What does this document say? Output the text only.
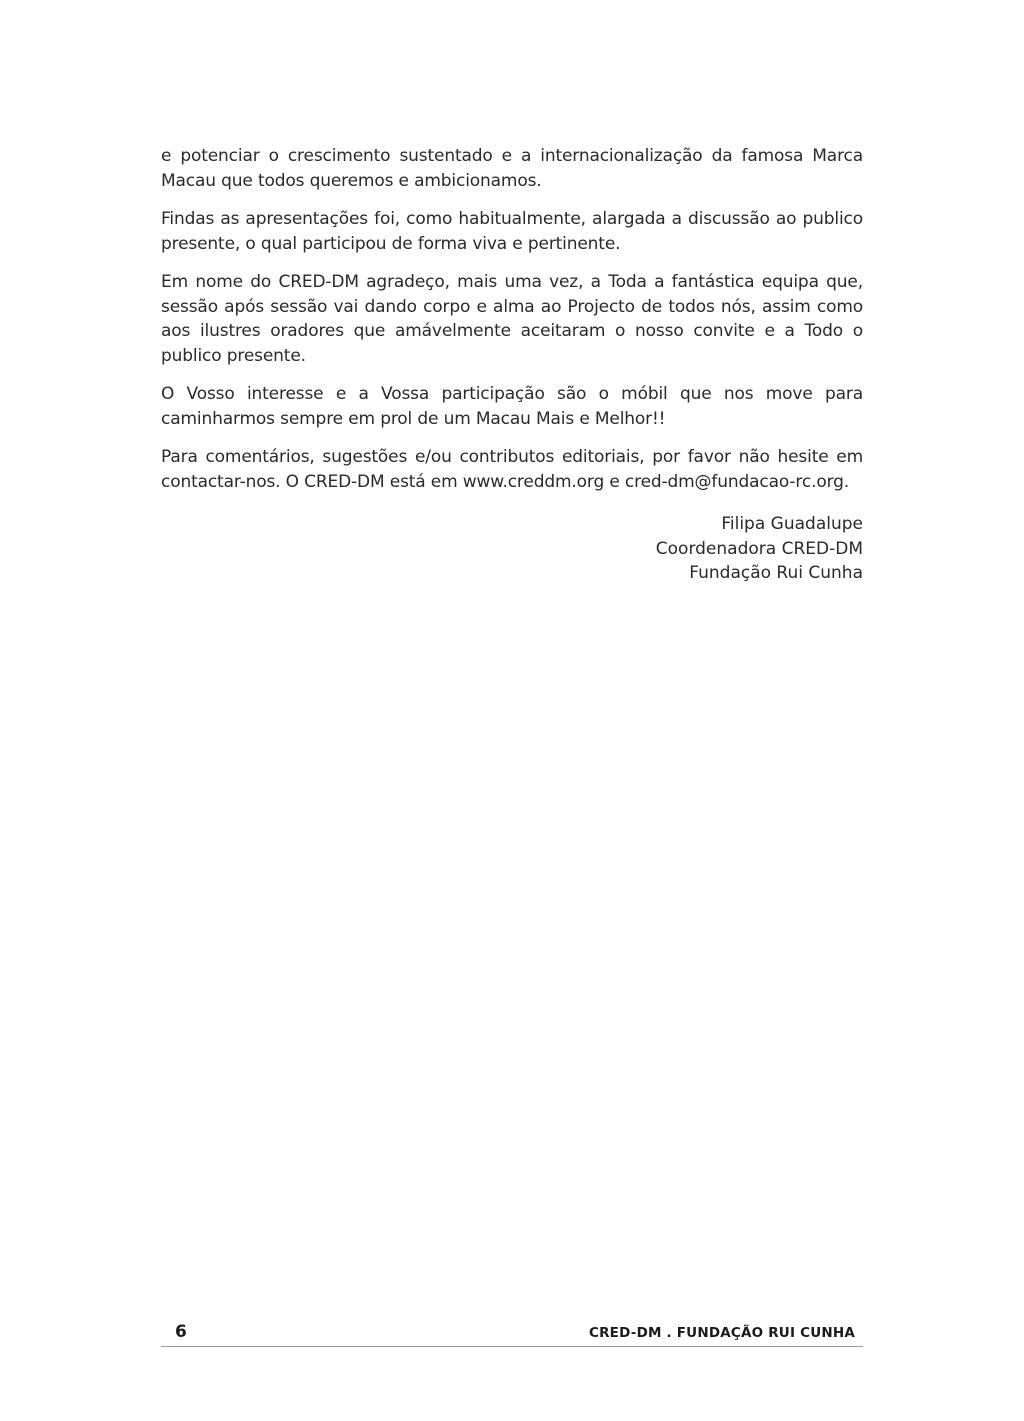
e potenciar o crescimento sustentado e a internacionalização da famosa Marca Macau que todos queremos e ambicionamos.

Findas as apresentações foi, como habitualmente, alargada a discussão ao publico presente, o qual participou de forma viva e pertinente.

Em nome do CRED-DM agradeço, mais uma vez, a Toda a fantástica equipa que, sessão após sessão vai dando corpo e alma ao Projecto de todos nós, assim como aos ilustres oradores que amávelmente aceitaram o nosso convite e a Todo o publico presente.

O Vosso interesse e a Vossa participação são o móbil que nos move para caminharmos sempre em prol de um Macau Mais e Melhor!!

Para comentários, sugestões e/ou contributos editoriais, por favor não hesite em contactar-nos. O CRED-DM está em www.creddm.org e cred-dm@fundacao-rc.org.

Filipa Guadalupe
Coordenadora CRED-DM
Fundação Rui Cunha
6	CRED-DM . FUNDAÇÃO RUI CUNHA
